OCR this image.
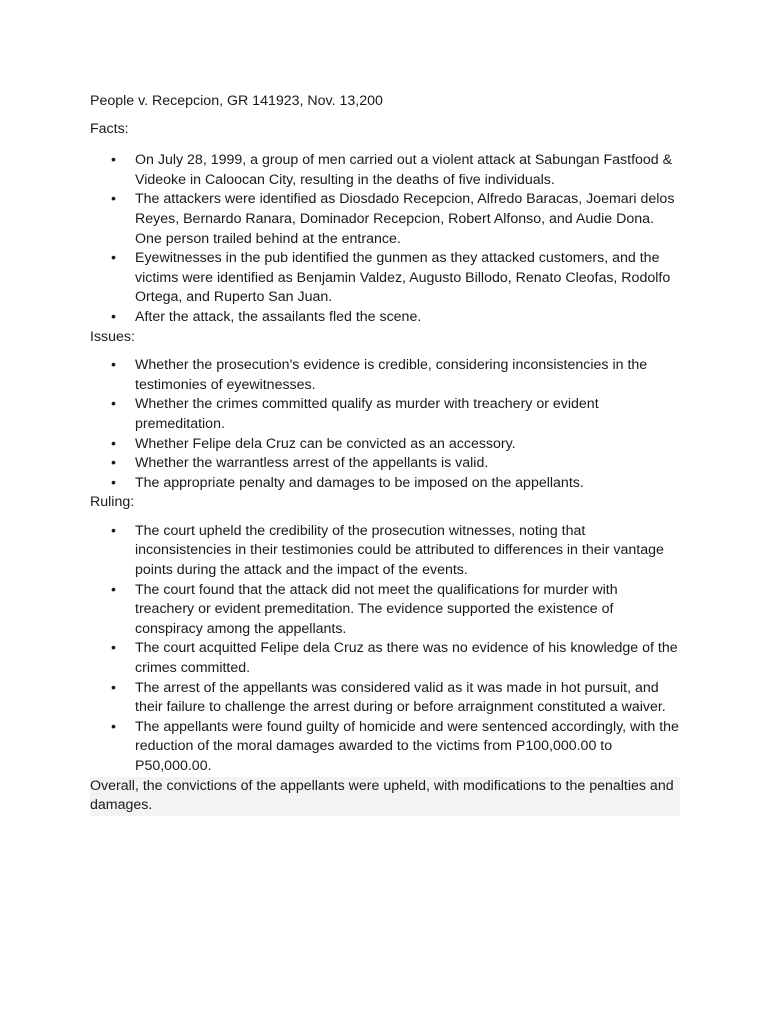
People v. Recepcion, GR 141923, Nov. 13,200

Facts:

• On July 28, 1999, a group of men carried out a violent attack at Sabungan Fastfood & Videoke in Caloocan City, resulting in the deaths of five individuals.
• The attackers were identified as Diosdado Recepcion, Alfredo Baracas, Joemari delos Reyes, Bernardo Ranara, Dominador Recepcion, Robert Alfonso, and Audie Dona. One person trailed behind at the entrance.
• Eyewitnesses in the pub identified the gunmen as they attacked customers, and the victims were identified as Benjamin Valdez, Augusto Billodo, Renato Cleofas, Rodolfo Ortega, and Ruperto San Juan.
• After the attack, the assailants fled the scene.

Issues:

• Whether the prosecution's evidence is credible, considering inconsistencies in the testimonies of eyewitnesses.
• Whether the crimes committed qualify as murder with treachery or evident premeditation.
• Whether Felipe dela Cruz can be convicted as an accessory.
• Whether the warrantless arrest of the appellants is valid.
• The appropriate penalty and damages to be imposed on the appellants.

Ruling:

• The court upheld the credibility of the prosecution witnesses, noting that inconsistencies in their testimonies could be attributed to differences in their vantage points during the attack and the impact of the events.
• The court found that the attack did not meet the qualifications for murder with treachery or evident premeditation. The evidence supported the existence of conspiracy among the appellants.
• The court acquitted Felipe dela Cruz as there was no evidence of his knowledge of the crimes committed.
• The arrest of the appellants was considered valid as it was made in hot pursuit, and their failure to challenge the arrest during or before arraignment constituted a waiver.
• The appellants were found guilty of homicide and were sentenced accordingly, with the reduction of the moral damages awarded to the victims from P100,000.00 to P50,000.00.

Overall, the convictions of the appellants were upheld, with modifications to the penalties and damages.
